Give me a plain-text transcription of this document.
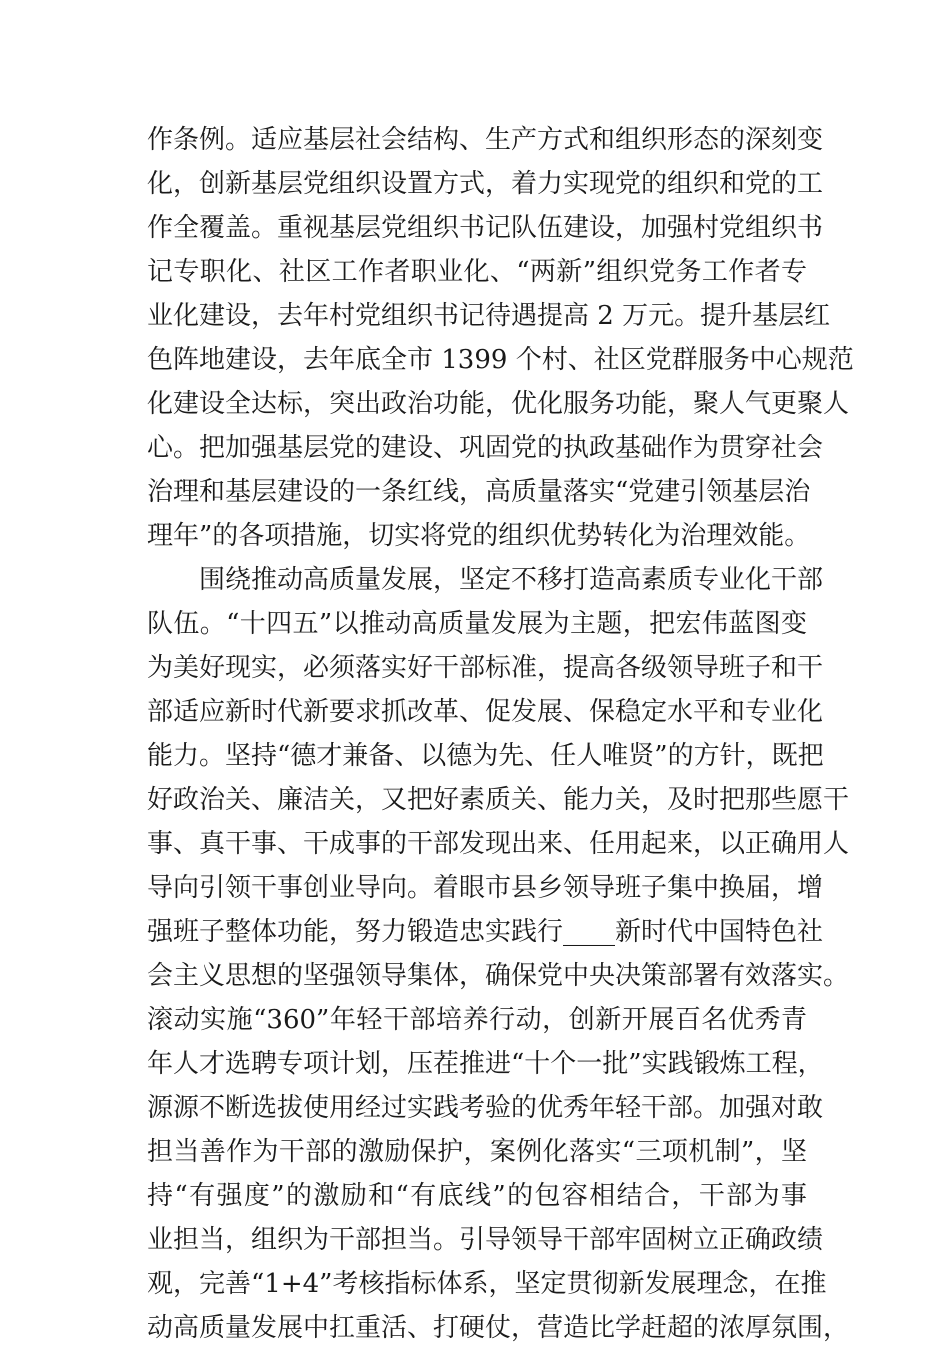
作条例。适应基层社会结构、生产方式和组织形态的深刻变
化，创新基层党组织设置方式，着力实现党的组织和党的工
作全覆盖。重视基层党组织书记队伍建设，加强村党组织书
记专职化、社区工作者职业化、“两新”组织党务工作者专
业化建设，去年村党组织书记待遇提高 2 万元。提升基层红
色阵地建设，去年底全市 1399 个村、社区党群服务中心规范
化建设全达标，突出政治功能，优化服务功能，聚人气更聚人
心。把加强基层党的建设、巩固党的执政基础作为贯穿社会
治理和基层建设的一条红线，高质量落实“党建引领基层治
理年”的各项措施，切实将党的组织优势转化为治理效能。
围绕推动高质量发展，坚定不移打造高素质专业化干部
队伍。“十四五”以推动高质量发展为主题，把宏伟蓝图变
为美好现实，必须落实好干部标准，提高各级领导班子和干
部适应新时代新要求抓改革、促发展、保稳定水平和专业化
能力。坚持“德才兼备、以德为先、任人唯贤”的方针，既把
好政治关、廉洁关，又把好素质关、能力关，及时把那些愿干
事、真干事、干成事的干部发现出来、任用起来，以正确用人
导向引领干事创业导向。着眼市县乡领导班子集中换届，增
强班子整体功能，努力锻造忠实践行____新时代中国特色社
会主义思想的坚强领导集体，确保党中央决策部署有效落实。
滚动实施“360”年轻干部培养行动，创新开展百名优秀青
年人才选聘专项计划，压茬推进“十个一批”实践锻炼工程，
源源不断选拔使用经过实践考验的优秀年轻干部。加强对敢
担当善作为干部的激励保护，案例化落实“三项机制”，坚
持“有强度”的激励和“有底线”的包容相结合，干部为事
业担当，组织为干部担当。引导领导干部牢固树立正确政绩
观，完善“1+4”考核指标体系，坚定贯彻新发展理念，在推
动高质量发展中扛重活、打硬仗，营造比学赶超的浓厚氛围，
